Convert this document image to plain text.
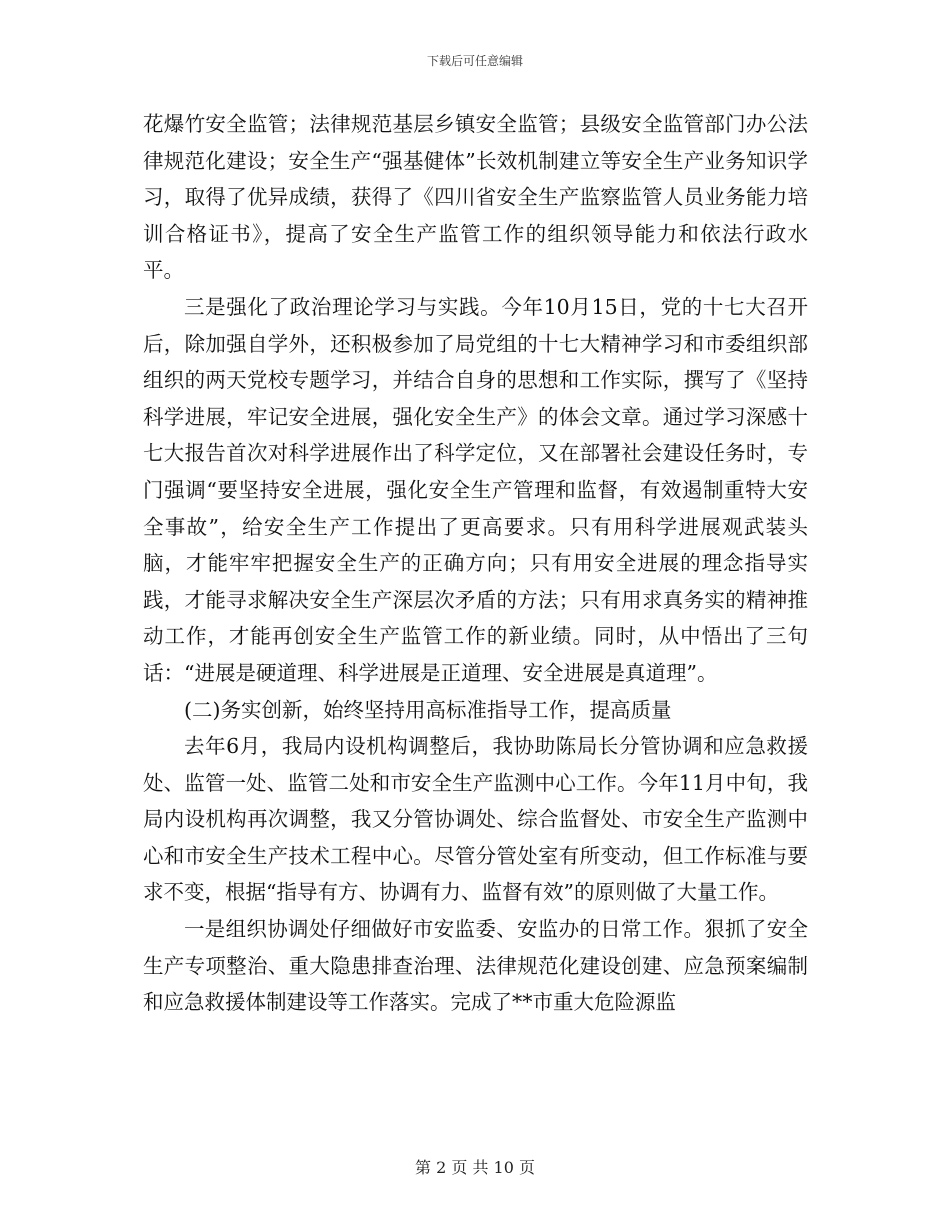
下载后可任意编辑

花爆竹安全监管；法律规范基层乡镇安全监管；县级安全监管部门办公法律规范化建设；安全生产“强基健体”长效机制建立等安全生产业务知识学习，取得了优异成绩，获得了《四川省安全生产监察监管人员业务能力培训合格证书》，提高了安全生产监管工作的组织领导能力和依法行政水平。

三是强化了政治理论学习与实践。今年10月15日，党的十七大召开后，除加强自学外，还积极参加了局党组的十七大精神学习和市委组织部组织的两天党校专题学习，并结合自身的思想和工作实际，撰写了《坚持科学进展，牢记安全进展，强化安全生产》的体会文章。通过学习深感十七大报告首次对科学进展作出了科学定位，又在部署社会建设任务时，专门强调“要坚持安全进展，强化安全生产管理和监督，有效遏制重特大安全事故”，给安全生产工作提出了更高要求。只有用科学进展观武装头脑，才能牢牢把握安全生产的正确方向；只有用安全进展的理念指导实践，才能寻求解决安全生产深层次矛盾的方法；只有用求真务实的精神推动工作，才能再创安全生产监管工作的新业绩。同时，从中悟出了三句话：“进展是硬道理、科学进展是正道理、安全进展是真道理”。

(二)务实创新，始终坚持用高标准指导工作，提高质量

去年6月，我局内设机构调整后，我协助陈局长分管协调和应急救援处、监管一处、监管二处和市安全生产监测中心工作。今年11月中旬，我局内设机构再次调整，我又分管协调处、综合监督处、市安全生产监测中心和市安全生产技术工程中心。尽管分管处室有所变动，但工作标准与要求不变，根据“指导有方、协调有力、监督有效”的原则做了大量工作。

一是组织协调处仔细做好市安监委、安监办的日常工作。狠抓了安全生产专项整治、重大隐患排查治理、法律规范化建设创建、应急预案编制和应急救援体制建设等工作落实。完成了**市重大危险源监

第 2 页 共 10 页
